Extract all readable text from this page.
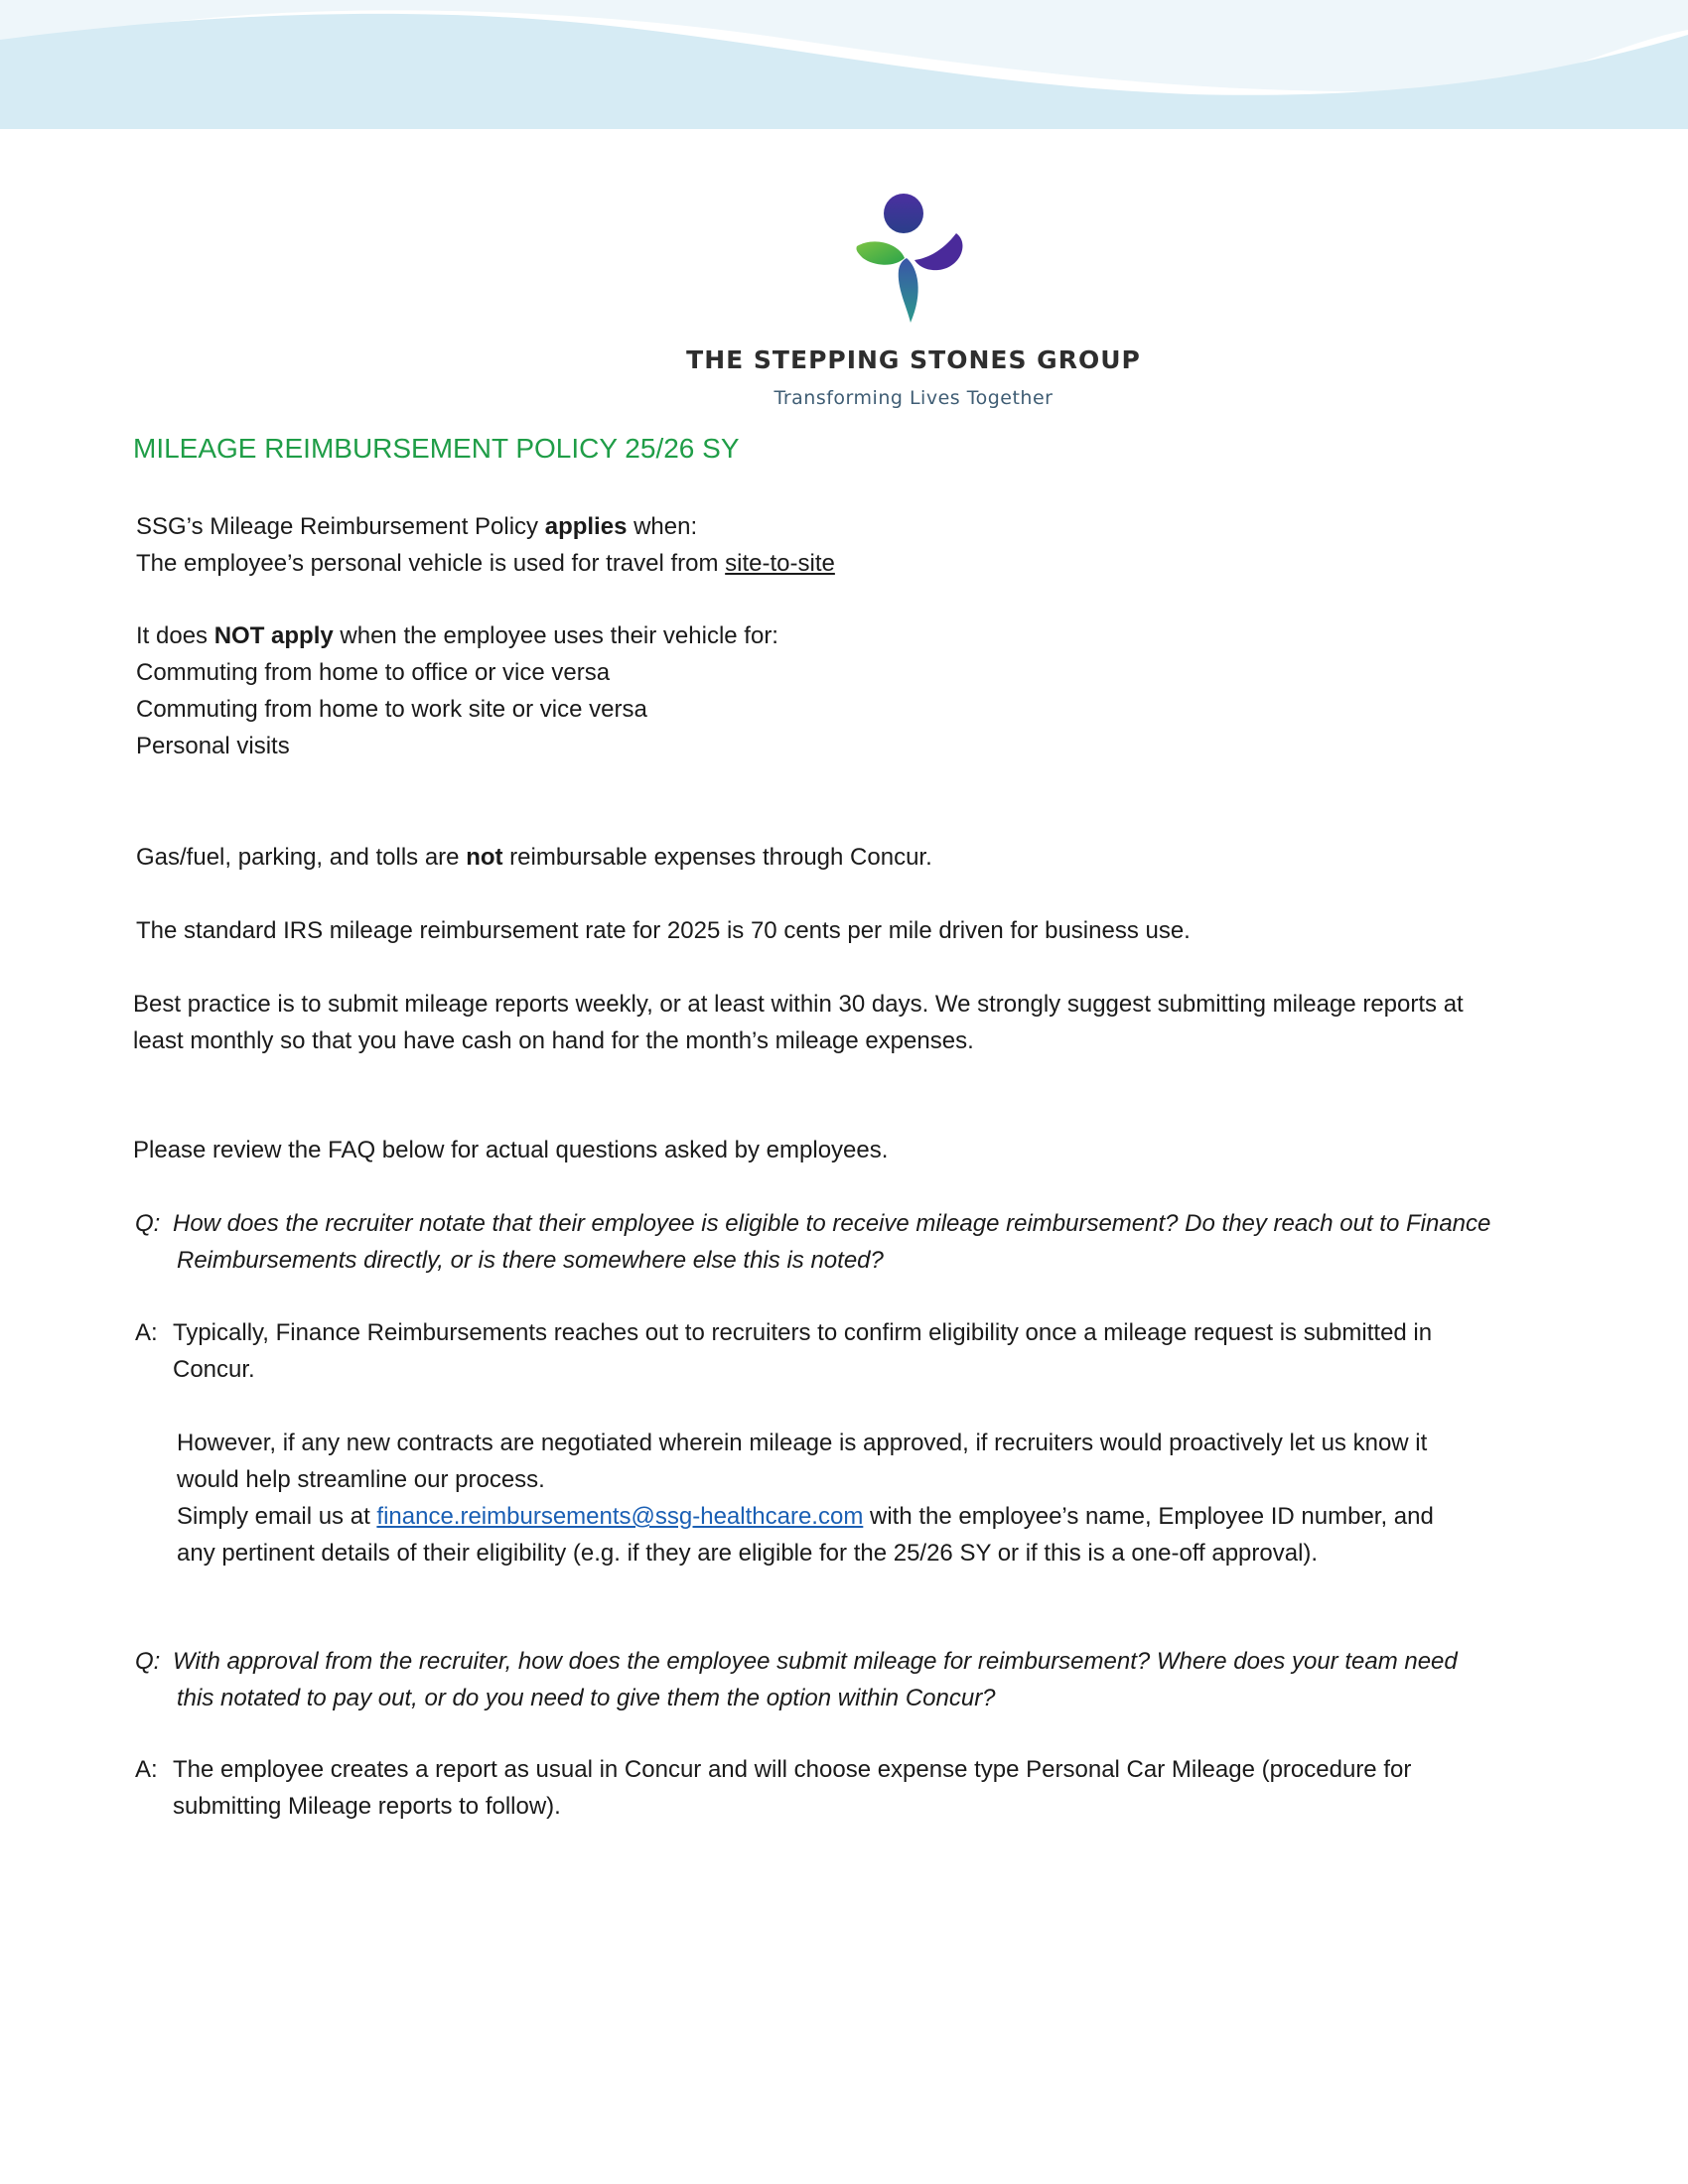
THE STEPPING STONES GROUP
Transforming Lives Together
MILEAGE REIMBURSEMENT POLICY 25/26 SY

SSG’s Mileage Reimbursement Policy applies when:

The employee’s personal vehicle is used for travel from site-to-site

It does NOT apply when the employee uses their vehicle for:

Commuting from home to office or vice versa

Commuting from home to work site or vice versa

Personal visits

Gas/fuel, parking, and tolls are not reimbursable expenses through Concur.

The standard IRS mileage reimbursement rate for 2025 is 70 cents per mile driven for business use.

Best practice is to submit mileage reports weekly, or at least within 30 days. We strongly suggest submitting mileage reports at

least monthly so that you have cash on hand for the month’s mileage expenses.

Please review the FAQ below for actual questions asked by employees.

Q: How does the recruiter notate that their employee is eligible to receive mileage reimbursement? Do they reach out to Finance

Reimbursements directly, or is there somewhere else this is noted?

A: Typically, Finance Reimbursements reaches out to recruiters to confirm eligibility once a mileage request is submitted in

Concur.

However, if any new contracts are negotiated wherein mileage is approved, if recruiters would proactively let us know it

would help streamline our process.

Simply email us at finance.reimbursements@ssg-healthcare.com with the employee’s name, Employee ID number, and

any pertinent details of their eligibility (e.g. if they are eligible for the 25/26 SY or if this is a one-off approval).

Q: With approval from the recruiter, how does the employee submit mileage for reimbursement? Where does your team need

this notated to pay out, or do you need to give them the option within Concur?

A: The employee creates a report as usual in Concur and will choose expense type Personal Car Mileage (procedure for

submitting Mileage reports to follow).
